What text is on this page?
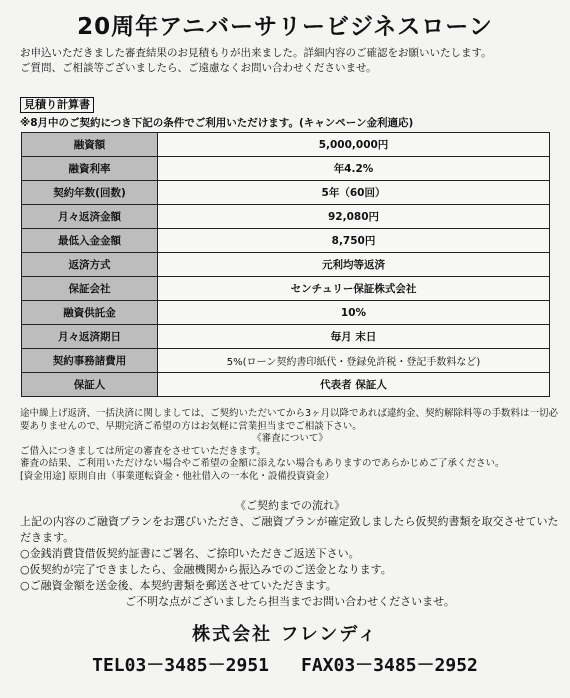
20周年アニバーサリービジネスローン

お申込いただきました審査結果のお見積もりが出来ました。詳細内容のご確認をお願いいたします。

ご質問、ご相談等ございましたら、ご遠慮なくお問い合わせくださいませ。

見積り計算書
※8月中のご契約につき下記の条件でご利用いただけます。(キャンペーン金利適応)
融資額	5,000,000円
融資利率	年4.2%
契約年数(回数)	5年（60回）
月々返済金額	92,080円
最低入金金額	8,750円
返済方式	元利均等返済
保証会社	センチュリー保証株式会社
融資供託金	10%
月々返済期日	毎月 末日
契約事務諸費用	5%(ローン契約書印紙代・登録免許税・登記手数料など)
保証人	代表者 保証人

途中繰上げ返済、一括決済に関しましては、ご契約いただいてから3ヶ月以降であれば違約金、契約解除料等の手数料は一切必要ありませんので、早期完済ご希望の方はお気軽に営業担当までご相談下さい。

《審査について》

ご借入につきましては所定の審査をさせていただきます。

審査の結果、ご利用いただけない場合やご希望の金額に添えない場合もありますのであらかじめご了承ください。

[資金用途] 原則自由（事業運転資金・他社借入の一本化・設備投資資金）

《ご契約までの流れ》

上記の内容のご融資プランをお選びいただき、ご融資プランが確定致しましたら仮契約書類を取交させていただきます。

○金銭消費貸借仮契約証書にご署名、ご捺印いただきご返送下さい。

○仮契約が完了できましたら、金融機関から振込みでのご送金となります。

○ご融資金額を送金後、本契約書類を郵送させていただきます。

ご不明な点がございましたら担当までお問い合わせくださいませ。

株式会社 フレンディ
TEL03－3485－2951 FAX03－3485－2952
